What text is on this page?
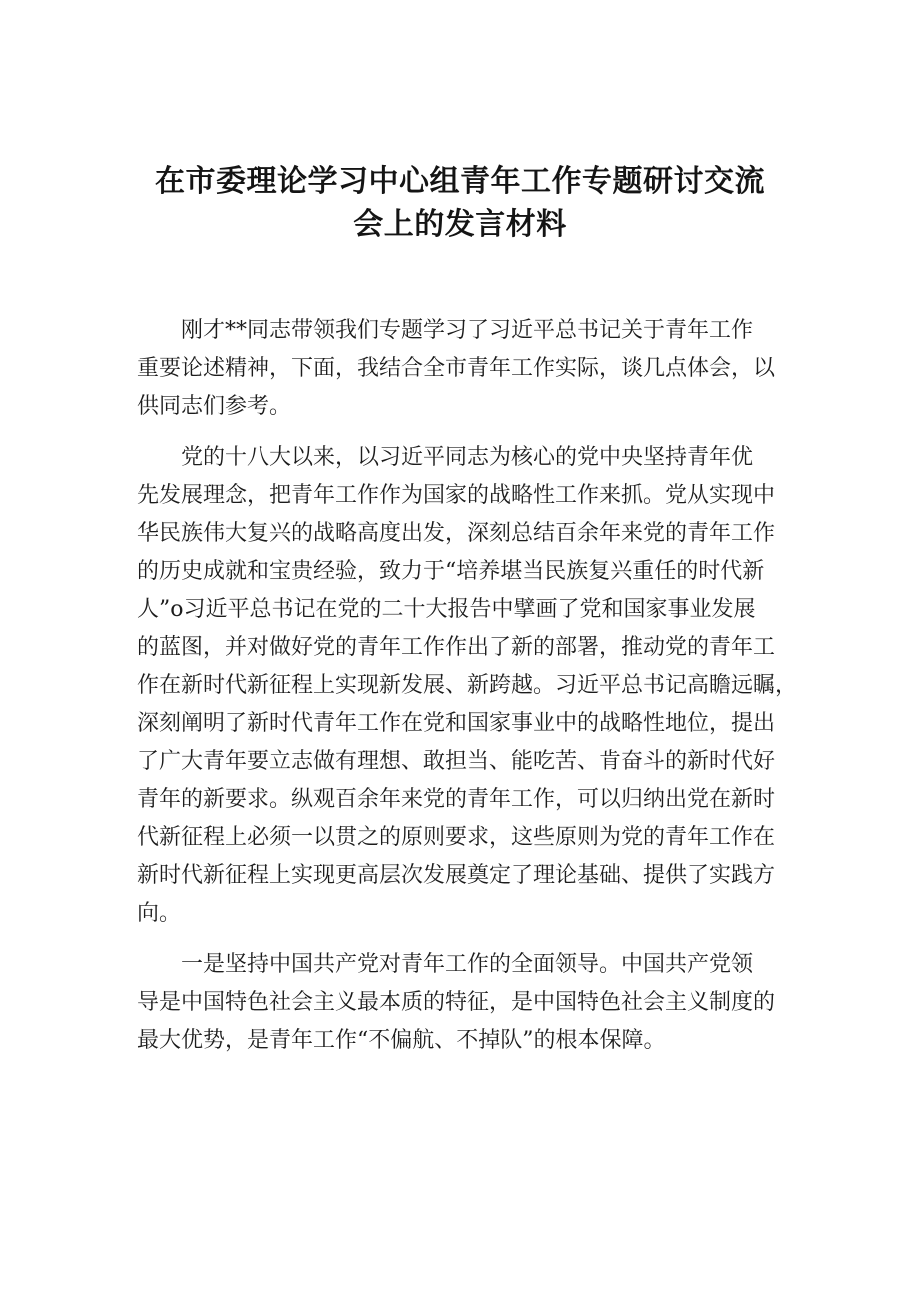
在市委理论学习中心组青年工作专题研讨交流
会上的发言材料
刚才**同志带领我们专题学习了习近平总书记关于青年工作
重要论述精神，下面，我结合全市青年工作实际，谈几点体会，以
供同志们参考。
党的十八大以来，以习近平同志为核心的党中央坚持青年优
先发展理念，把青年工作作为国家的战略性工作来抓。党从实现中
华民族伟大复兴的战略高度出发，深刻总结百余年来党的青年工作
的历史成就和宝贵经验，致力于“培养堪当民族复兴重任的时代新
人”o习近平总书记在党的二十大报告中擘画了党和国家事业发展
的蓝图，并对做好党的青年工作作出了新的部署，推动党的青年工
作在新时代新征程上实现新发展、新跨越。习近平总书记高瞻远瞩，
深刻阐明了新时代青年工作在党和国家事业中的战略性地位，提出
了广大青年要立志做有理想、敢担当、能吃苦、肯奋斗的新时代好
青年的新要求。纵观百余年来党的青年工作，可以归纳出党在新时
代新征程上必须一以贯之的原则要求，这些原则为党的青年工作在
新时代新征程上实现更高层次发展奠定了理论基础、提供了实践方
向。
一是坚持中国共产党对青年工作的全面领导。中国共产党领
导是中国特色社会主义最本质的特征，是中国特色社会主义制度的
最大优势，是青年工作“不偏航、不掉队”的根本保障。
